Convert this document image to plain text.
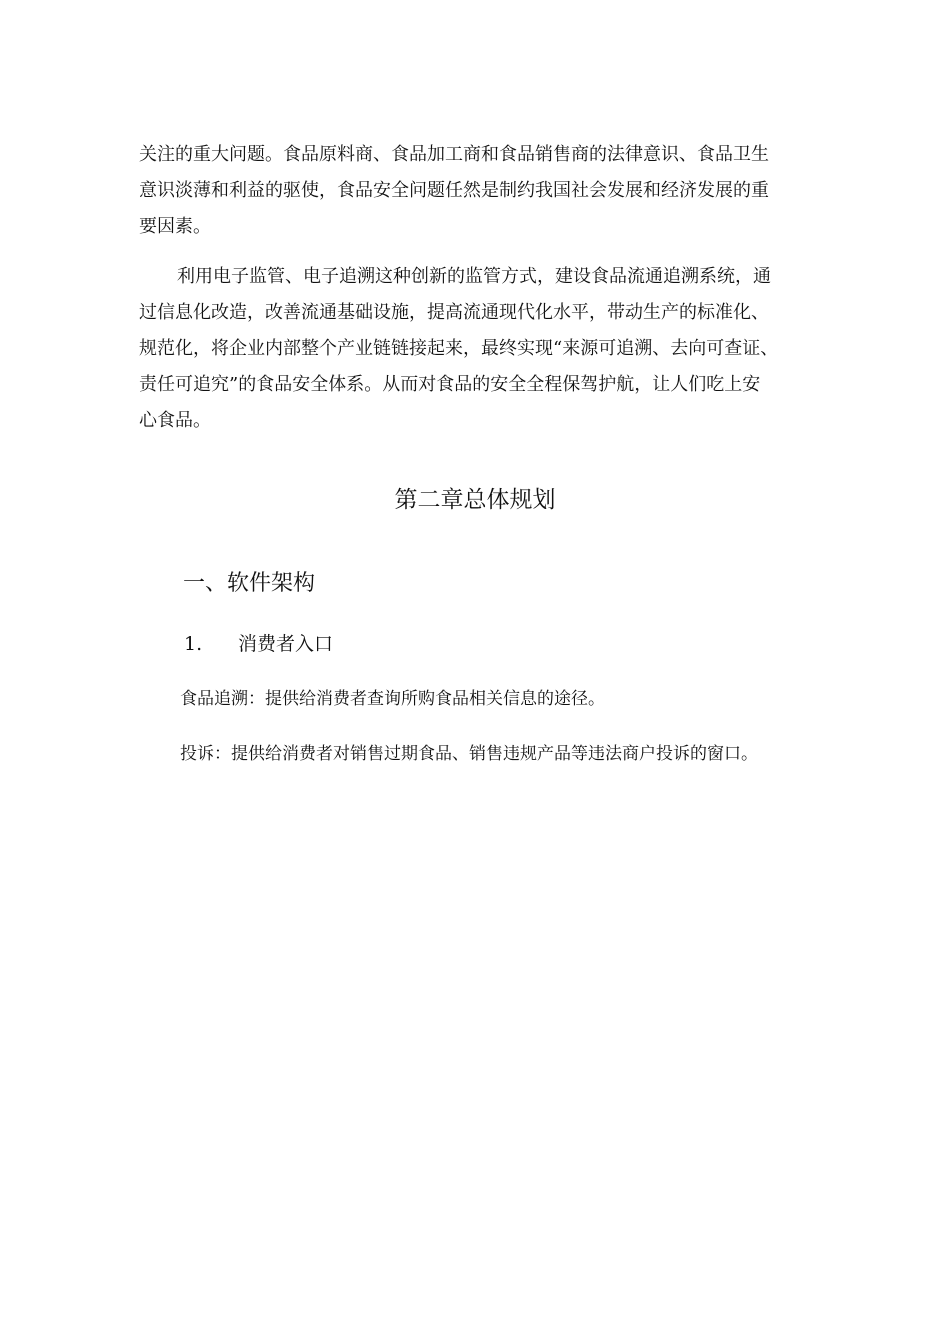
关注的重大问题。食品原料商、食品加工商和食品销售商的法律意识、食品卫生
意识淡薄和利益的驱使，食品安全问题任然是制约我国社会发展和经济发展的重
要因素。

利用电子监管、电子追溯这种创新的监管方式，建设食品流通追溯系统，通
过信息化改造，改善流通基础设施，提高流通现代化水平，带动生产的标准化、
规范化，将企业内部整个产业链链接起来，最终实现“来源可追溯、去向可查证、
责任可追究”的食品安全体系。从而对食品的安全全程保驾护航，让人们吃上安
心食品。

第二章总体规划
一、软件架构
1. 消费者入口

食品追溯：提供给消费者查询所购食品相关信息的途径。

投诉：提供给消费者对销售过期食品、销售违规产品等违法商户投诉的窗口。
